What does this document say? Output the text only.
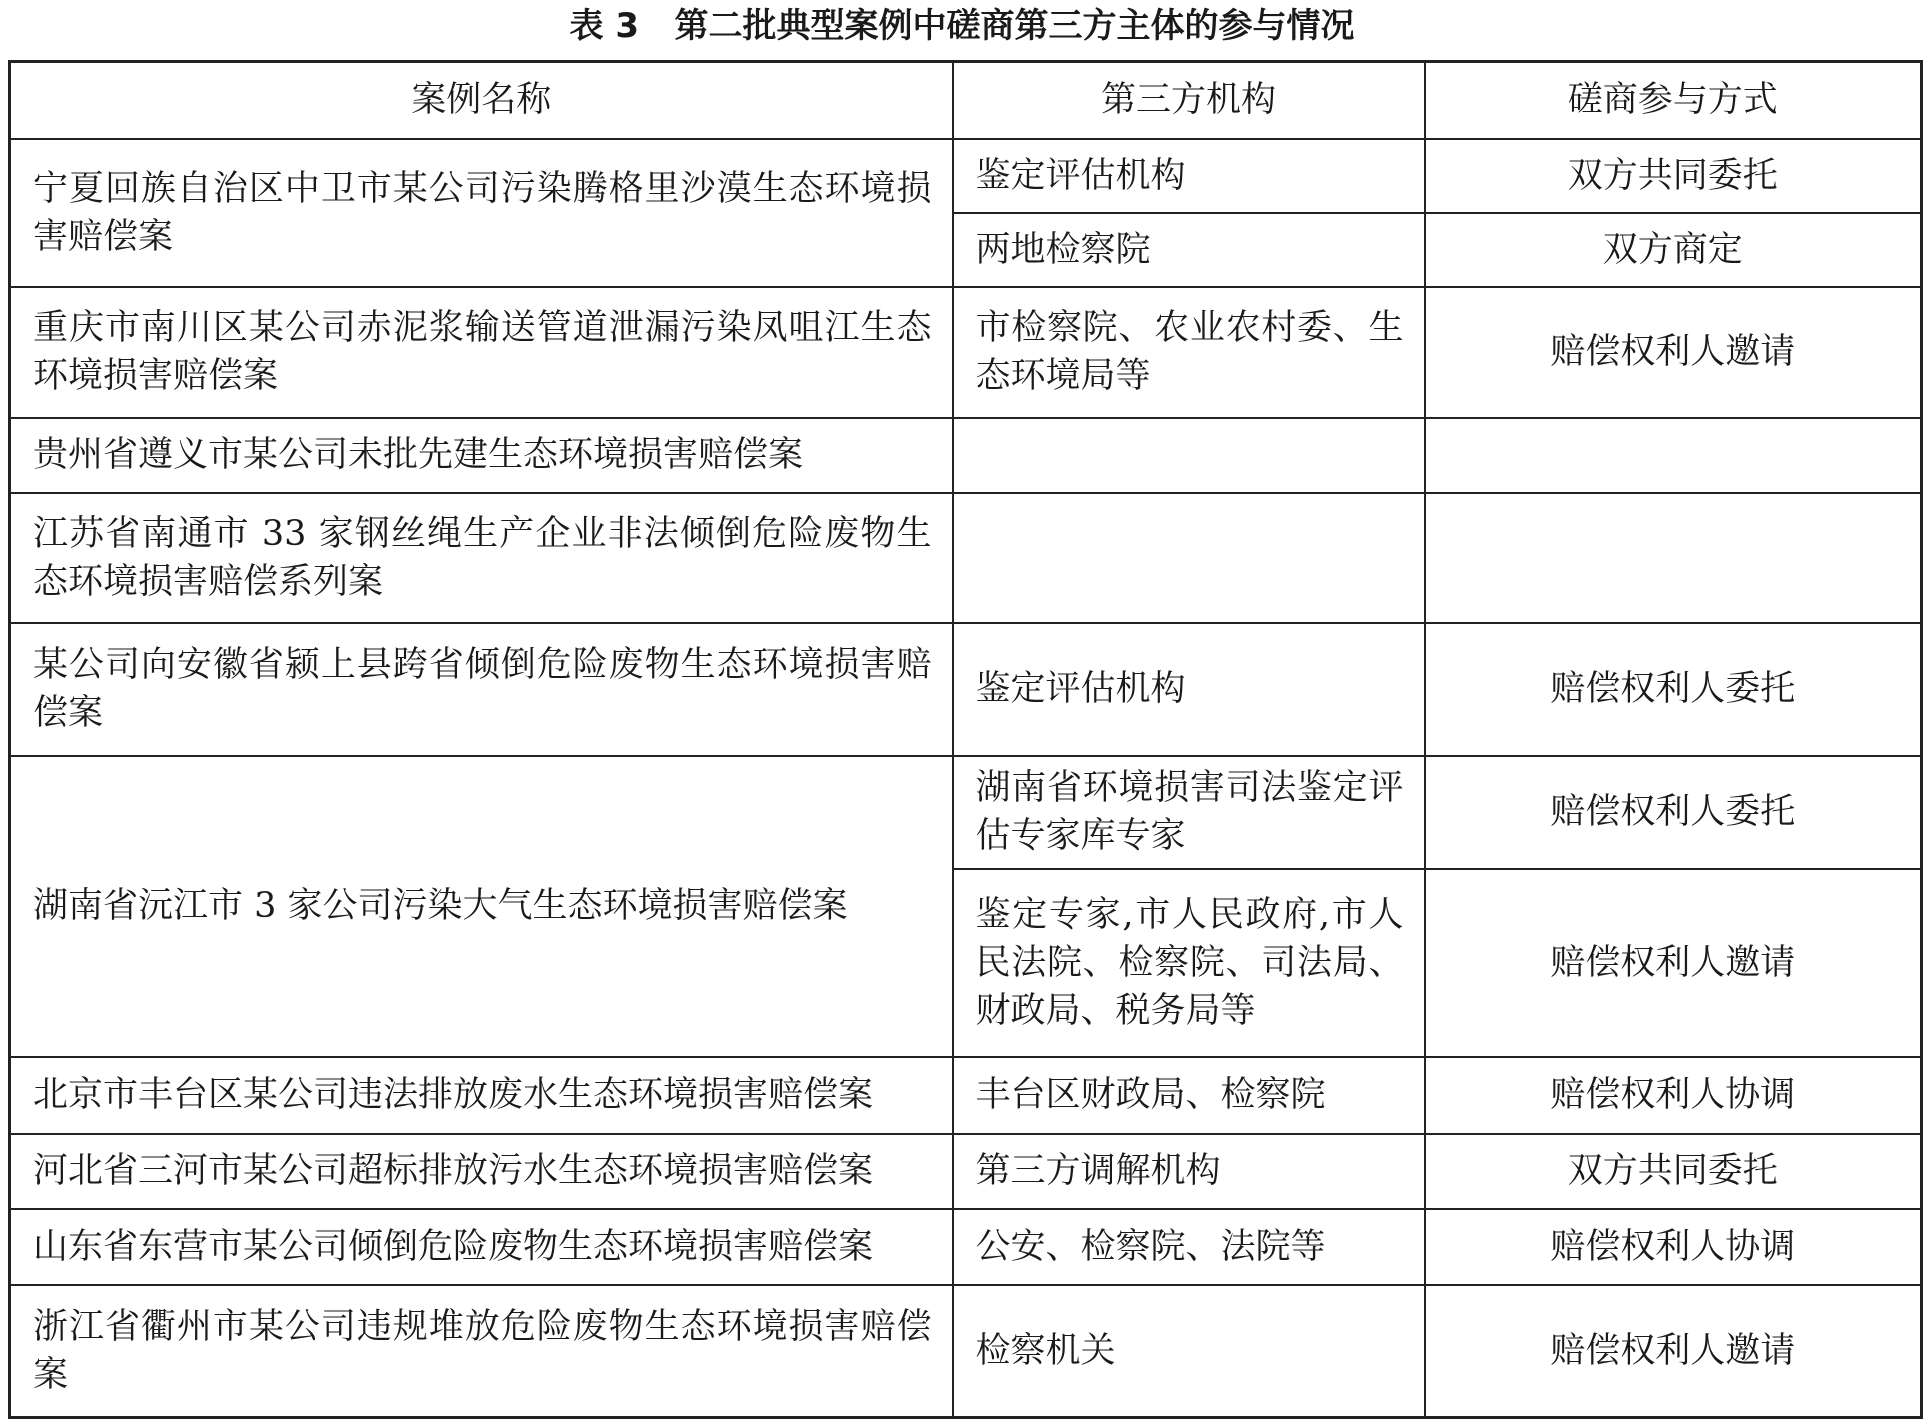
表 3 第二批典型案例中磋商第三方主体的参与情况
案例名称	第三方机构	磋商参与方式
宁夏回族自治区中卫市某公司污染腾格里沙漠生态环境损害赔偿案	鉴定评估机构	双方共同委托
	两地检察院	双方商定
重庆市南川区某公司赤泥浆输送管道泄漏污染凤咀江生态环境损害赔偿案	市检察院、农业农村委、生态环境局等	赔偿权利人邀请
贵州省遵义市某公司未批先建生态环境损害赔偿案		
江苏省南通市 33 家钢丝绳生产企业非法倾倒危险废物生态环境损害赔偿系列案		
某公司向安徽省颍上县跨省倾倒危险废物生态环境损害赔偿案	鉴定评估机构	赔偿权利人委托
湖南省沅江市 3 家公司污染大气生态环境损害赔偿案	湖南省环境损害司法鉴定评估专家库专家	赔偿权利人委托
	鉴定专家,市人民政府,市人民法院、检察院、司法局、财政局、税务局等	赔偿权利人邀请
北京市丰台区某公司违法排放废水生态环境损害赔偿案	丰台区财政局、检察院	赔偿权利人协调
河北省三河市某公司超标排放污水生态环境损害赔偿案	第三方调解机构	双方共同委托
山东省东营市某公司倾倒危险废物生态环境损害赔偿案	公安、检察院、法院等	赔偿权利人协调
浙江省衢州市某公司违规堆放危险废物生态环境损害赔偿案	检察机关	赔偿权利人邀请
